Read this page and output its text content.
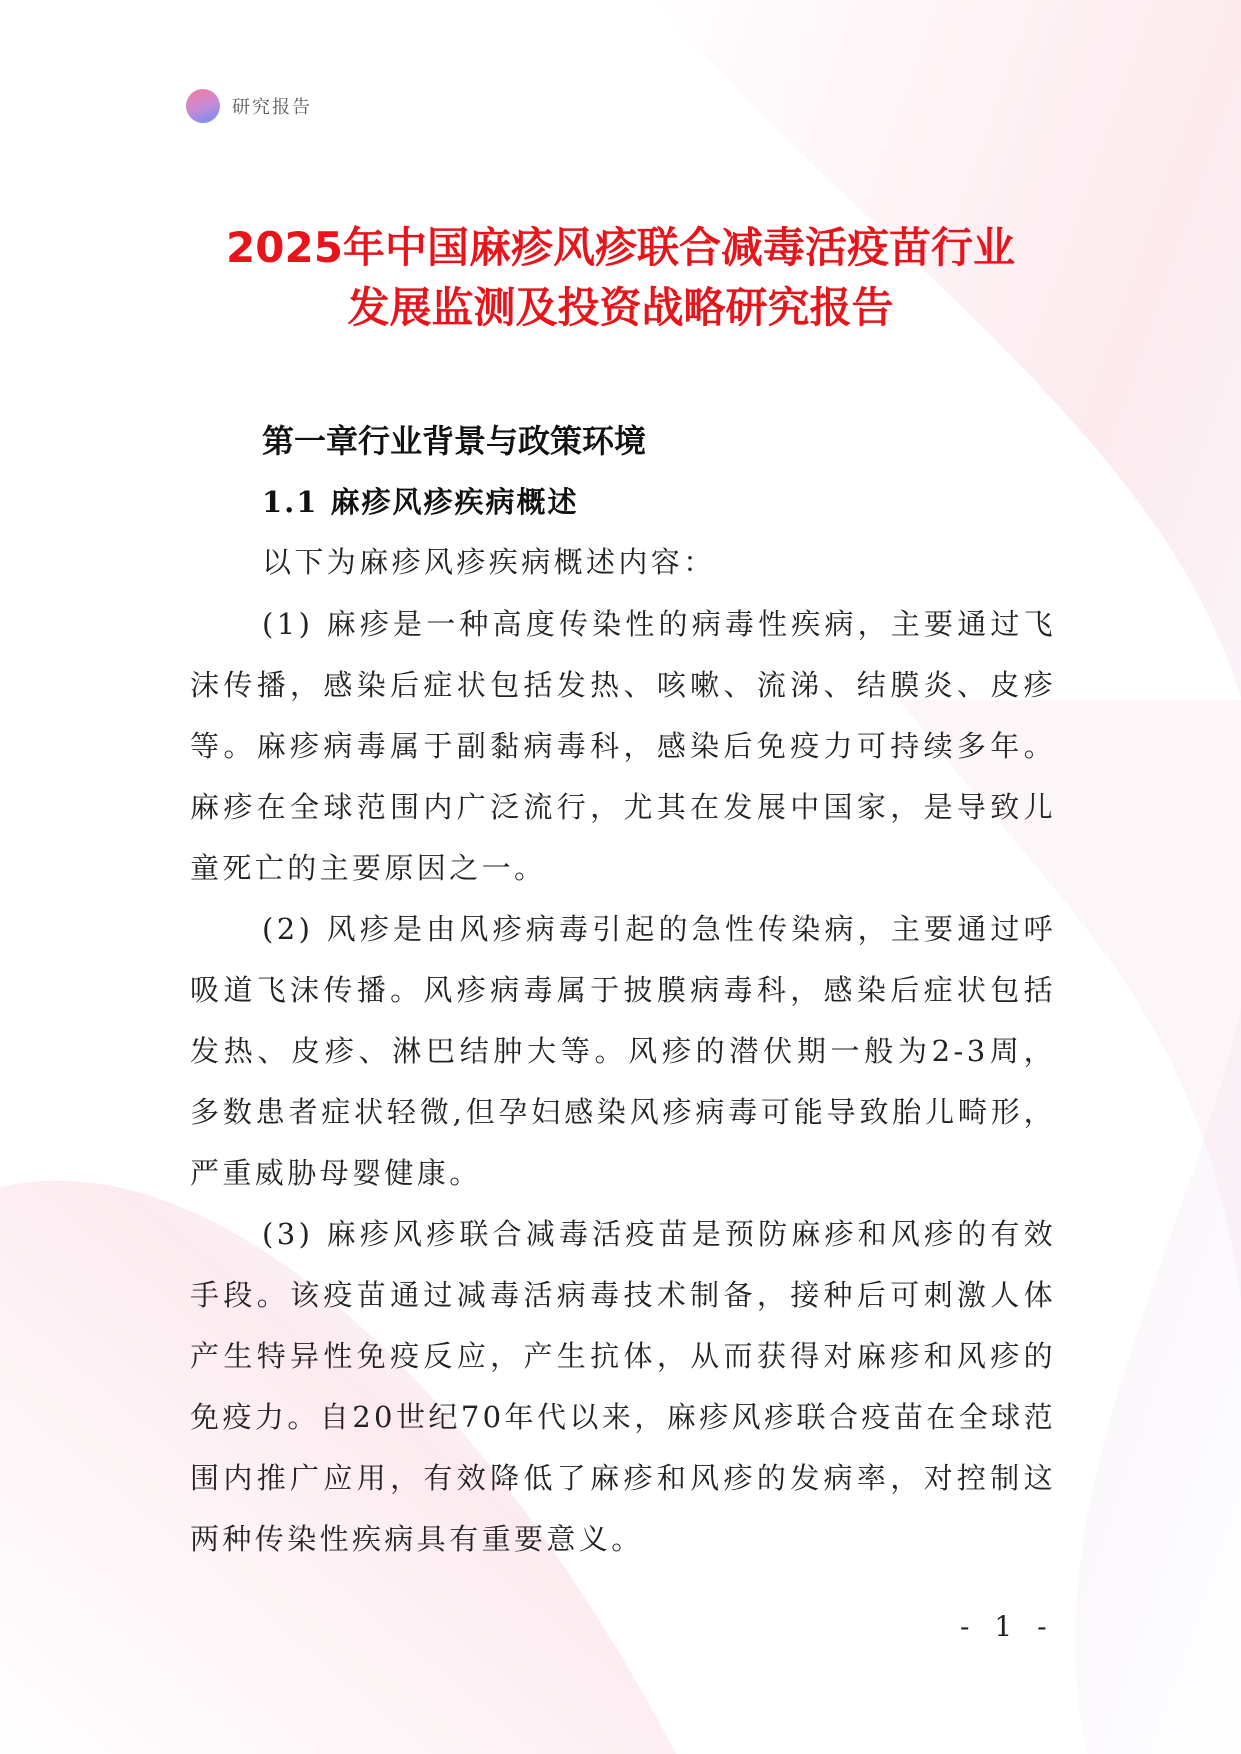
研究报告
2025年中国麻疹风疹联合减毒活疫苗行业
发展监测及投资战略研究报告
第一章行业背景与政策环境
1.1 麻疹风疹疾病概述

以下为麻疹风疹疾病概述内容：

(1) 麻疹是一种高度传染性的病毒性疾病，主要通过飞沫传播，感染后症状包括发热、咳嗽、流涕、结膜炎、皮疹等。麻疹病毒属于副黏病毒科，感染后免疫力可持续多年。麻疹在全球范围内广泛流行，尤其在发展中国家，是导致儿童死亡的主要原因之一。

(2) 风疹是由风疹病毒引起的急性传染病，主要通过呼吸道飞沫传播。风疹病毒属于披膜病毒科，感染后症状包括发热、皮疹、淋巴结肿大等。风疹的潜伏期一般为2-3周，多数患者症状轻微,但孕妇感染风疹病毒可能导致胎儿畸形，严重威胁母婴健康。

(3) 麻疹风疹联合减毒活疫苗是预防麻疹和风疹的有效手段。该疫苗通过减毒活病毒技术制备，接种后可刺激人体产生特异性免疫反应，产生抗体，从而获得对麻疹和风疹的免疫力。自20世纪70年代以来，麻疹风疹联合疫苗在全球范围内推广应用，有效降低了麻疹和风疹的发病率，对控制这两种传染性疾病具有重要意义。

- 1 -
